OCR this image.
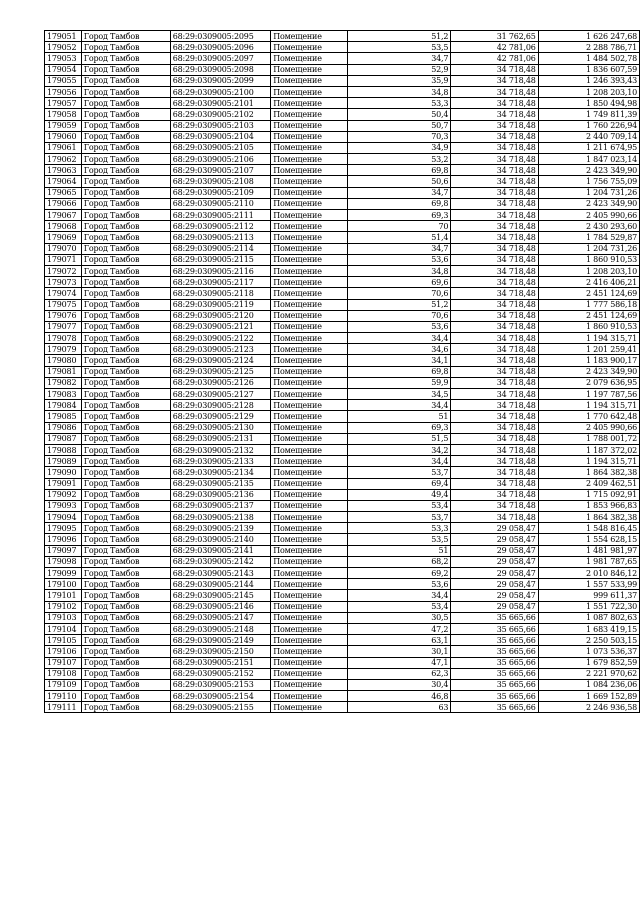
179051	Город Тамбов	68:29:0309005:2095	Помещение	51,2	31 762,65	1 626 247,68
179052	Город Тамбов	68:29:0309005:2096	Помещение	53,5	42 781,06	2 288 786,71
179053	Город Тамбов	68:29:0309005:2097	Помещение	34,7	42 781,06	1 484 502,78
179054	Город Тамбов	68:29:0309005:2098	Помещение	52,9	34 718,48	1 836 607,59
179055	Город Тамбов	68:29:0309005:2099	Помещение	35,9	34 718,48	1 246 393,43
179056	Город Тамбов	68:29:0309005:2100	Помещение	34,8	34 718,48	1 208 203,10
179057	Город Тамбов	68:29:0309005:2101	Помещение	53,3	34 718,48	1 850 494,98
179058	Город Тамбов	68:29:0309005:2102	Помещение	50,4	34 718,48	1 749 811,39
179059	Город Тамбов	68:29:0309005:2103	Помещение	50,7	34 718,48	1 760 226,94
179060	Город Тамбов	68:29:0309005:2104	Помещение	70,3	34 718,48	2 440 709,14
179061	Город Тамбов	68:29:0309005:2105	Помещение	34,9	34 718,48	1 211 674,95
179062	Город Тамбов	68:29:0309005:2106	Помещение	53,2	34 718,48	1 847 023,14
179063	Город Тамбов	68:29:0309005:2107	Помещение	69,8	34 718,48	2 423 349,90
179064	Город Тамбов	68:29:0309005:2108	Помещение	50,6	34 718,48	1 756 755,09
179065	Город Тамбов	68:29:0309005:2109	Помещение	34,7	34 718,48	1 204 731,26
179066	Город Тамбов	68:29:0309005:2110	Помещение	69,8	34 718,48	2 423 349,90
179067	Город Тамбов	68:29:0309005:2111	Помещение	69,3	34 718,48	2 405 990,66
179068	Город Тамбов	68:29:0309005:2112	Помещение	70	34 718,48	2 430 293,60
179069	Город Тамбов	68:29:0309005:2113	Помещение	51,4	34 718,48	1 784 529,87
179070	Город Тамбов	68:29:0309005:2114	Помещение	34,7	34 718,48	1 204 731,26
179071	Город Тамбов	68:29:0309005:2115	Помещение	53,6	34 718,48	1 860 910,53
179072	Город Тамбов	68:29:0309005:2116	Помещение	34,8	34 718,48	1 208 203,10
179073	Город Тамбов	68:29:0309005:2117	Помещение	69,6	34 718,48	2 416 406,21
179074	Город Тамбов	68:29:0309005:2118	Помещение	70,6	34 718,48	2 451 124,69
179075	Город Тамбов	68:29:0309005:2119	Помещение	51,2	34 718,48	1 777 586,18
179076	Город Тамбов	68:29:0309005:2120	Помещение	70,6	34 718,48	2 451 124,69
179077	Город Тамбов	68:29:0309005:2121	Помещение	53,6	34 718,48	1 860 910,53
179078	Город Тамбов	68:29:0309005:2122	Помещение	34,4	34 718,48	1 194 315,71
179079	Город Тамбов	68:29:0309005:2123	Помещение	34,6	34 718,48	1 201 259,41
179080	Город Тамбов	68:29:0309005:2124	Помещение	34,1	34 718,48	1 183 900,17
179081	Город Тамбов	68:29:0309005:2125	Помещение	69,8	34 718,48	2 423 349,90
179082	Город Тамбов	68:29:0309005:2126	Помещение	59,9	34 718,48	2 079 636,95
179083	Город Тамбов	68:29:0309005:2127	Помещение	34,5	34 718,48	1 197 787,56
179084	Город Тамбов	68:29:0309005:2128	Помещение	34,4	34 718,48	1 194 315,71
179085	Город Тамбов	68:29:0309005:2129	Помещение	51	34 718,48	1 770 642,48
179086	Город Тамбов	68:29:0309005:2130	Помещение	69,3	34 718,48	2 405 990,66
179087	Город Тамбов	68:29:0309005:2131	Помещение	51,5	34 718,48	1 788 001,72
179088	Город Тамбов	68:29:0309005:2132	Помещение	34,2	34 718,48	1 187 372,02
179089	Город Тамбов	68:29:0309005:2133	Помещение	34,4	34 718,48	1 194 315,71
179090	Город Тамбов	68:29:0309005:2134	Помещение	53,7	34 718,48	1 864 382,38
179091	Город Тамбов	68:29:0309005:2135	Помещение	69,4	34 718,48	2 409 462,51
179092	Город Тамбов	68:29:0309005:2136	Помещение	49,4	34 718,48	1 715 092,91
179093	Город Тамбов	68:29:0309005:2137	Помещение	53,4	34 718,48	1 853 966,83
179094	Город Тамбов	68:29:0309005:2138	Помещение	53,7	34 718,48	1 864 382,38
179095	Город Тамбов	68:29:0309005:2139	Помещение	53,3	29 058,47	1 548 816,45
179096	Город Тамбов	68:29:0309005:2140	Помещение	53,5	29 058,47	1 554 628,15
179097	Город Тамбов	68:29:0309005:2141	Помещение	51	29 058,47	1 481 981,97
179098	Город Тамбов	68:29:0309005:2142	Помещение	68,2	29 058,47	1 981 787,65
179099	Город Тамбов	68:29:0309005:2143	Помещение	69,2	29 058,47	2 010 846,12
179100	Город Тамбов	68:29:0309005:2144	Помещение	53,6	29 058,47	1 557 533,99
179101	Город Тамбов	68:29:0309005:2145	Помещение	34,4	29 058,47	999 611,37
179102	Город Тамбов	68:29:0309005:2146	Помещение	53,4	29 058,47	1 551 722,30
179103	Город Тамбов	68:29:0309005:2147	Помещение	30,5	35 665,66	1 087 802,63
179104	Город Тамбов	68:29:0309005:2148	Помещение	47,2	35 665,66	1 683 419,15
179105	Город Тамбов	68:29:0309005:2149	Помещение	63,1	35 665,66	2 250 503,15
179106	Город Тамбов	68:29:0309005:2150	Помещение	30,1	35 665,66	1 073 536,37
179107	Город Тамбов	68:29:0309005:2151	Помещение	47,1	35 665,66	1 679 852,59
179108	Город Тамбов	68:29:0309005:2152	Помещение	62,3	35 665,66	2 221 970,62
179109	Город Тамбов	68:29:0309005:2153	Помещение	30,4	35 665,66	1 084 236,06
179110	Город Тамбов	68:29:0309005:2154	Помещение	46,8	35 665,66	1 669 152,89
179111	Город Тамбов	68:29:0309005:2155	Помещение	63	35 665,66	2 246 936,58
